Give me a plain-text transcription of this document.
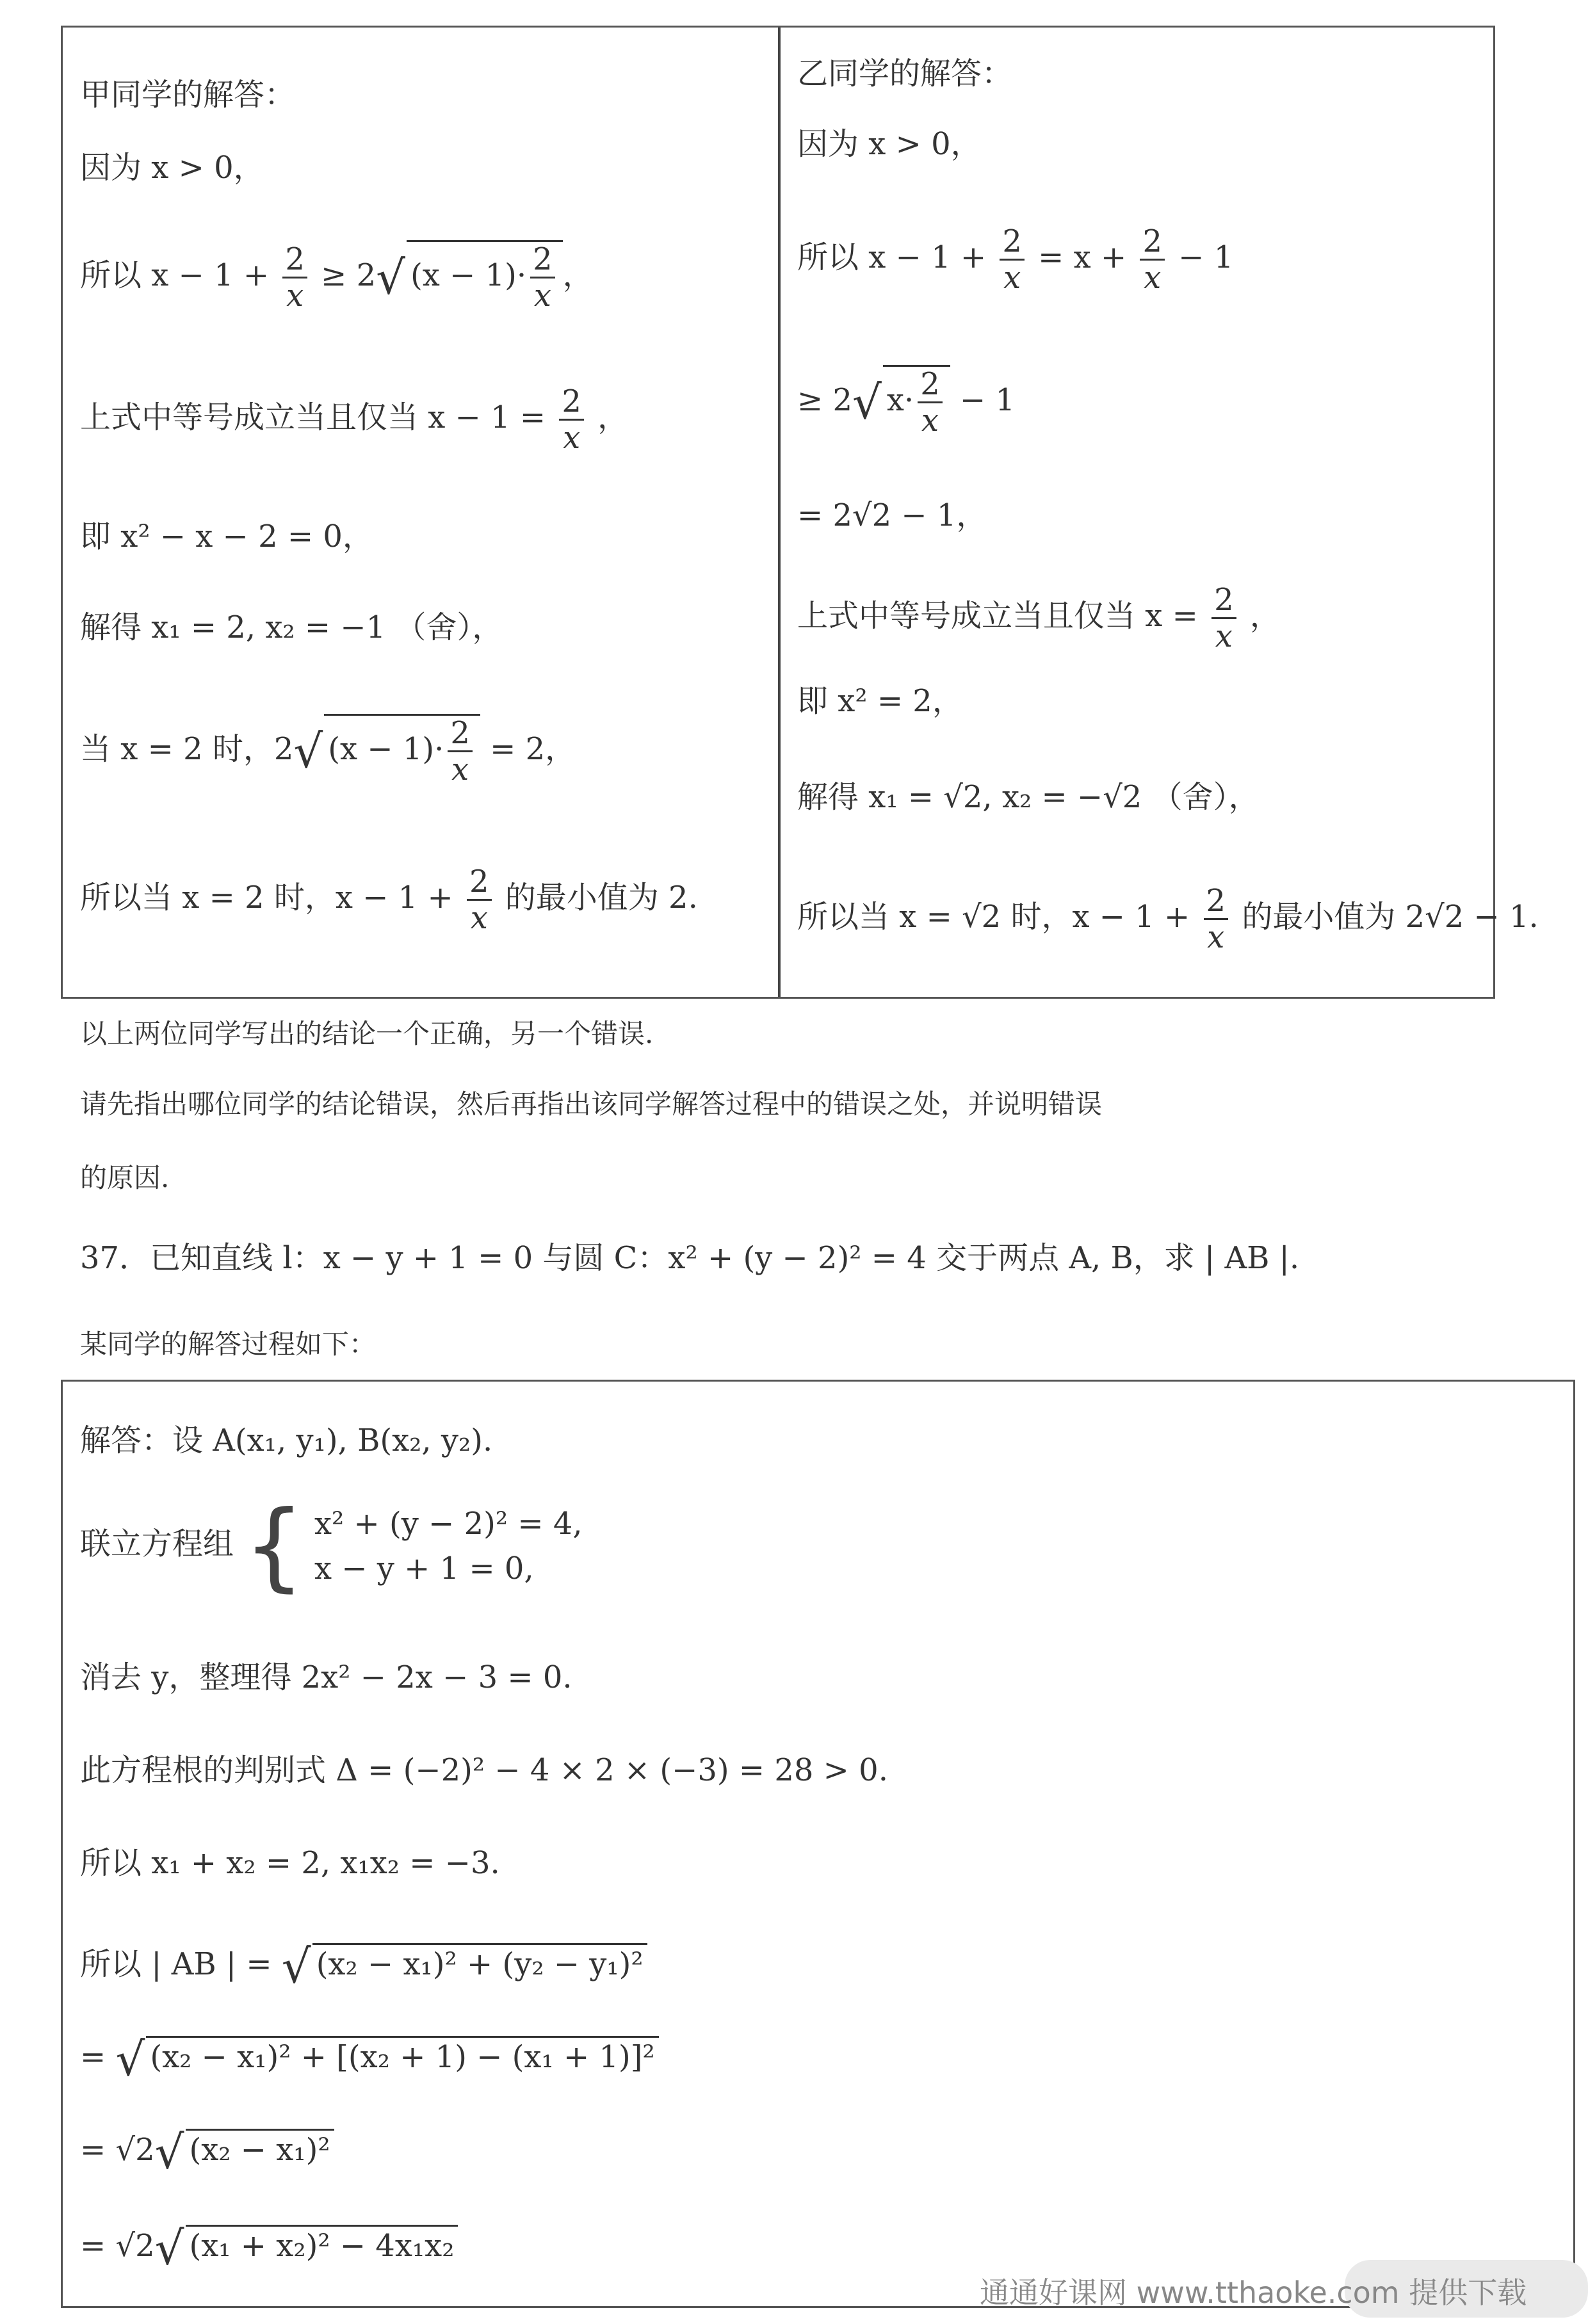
甲同学的解答：
因为 x > 0，
所以 $x - 1 + \frac{2}{x} \ge 2√$ $(x - 1)\cdot \frac{2}{x}$ ，
上式中等号成立当且仅当 $x - 1 = \frac{2}{x}$ ，
即 x² − x − 2 = 0，
解得 x₁ = 2, x₂ = −1 （舍），
当 x = 2 时，2√ $(x - 1)\cdot \frac{2}{x} = 2$，
所以当 x = 2 时，$x - 1 + \frac{2}{x}$ 的最小值为 2.
乙同学的解答：
因为 x > 0，
所以 $x - 1 + \frac{2}{x} = x + \frac{2}{x} - 1$
≥ 2√ $x\cdot \frac{2}{x} - 1$
= 2√2 − 1，
上式中等号成立当且仅当 $x = \frac{2}{x}$ ，
即 x² = 2，
解得 x₁ = √2, x₂ = −√2 （舍），
所以当 x = √2 时，$x - 1 + \frac{2}{x}$ 的最小值为 2√2 − 1.
以上两位同学写出的结论一个正确，另一个错误.
请先指出哪位同学的结论错误，然后再指出该同学解答过程中的错误之处，并说明错误
的原因.
37．已知直线 l：x − y + 1 = 0 与圆 C：x² + (y − 2)² = 4 交于两点 A, B，求 | AB |.
某同学的解答过程如下：
解答：设 A(x₁, y₁), B(x₂, y₂).
联立方程组 { x² + (y − 2)² = 4,
x − y + 1 = 0,
消去 y，整理得 2x² − 2x − 3 = 0.
此方程根的判别式 Δ = (−2)² − 4 × 2 × (−3) = 28 > 0.
所以 x₁ + x₂ = 2, x₁x₂ = −3.
所以 | AB | = √ (x₂ − x₁)² + (y₂ − y₁)²
= √ (x₂ − x₁)² + [(x₂ + 1) − (x₁ + 1)]²
= √2√ (x₂ − x₁)²
= √2√ (x₁ + x₂)² − 4x₁x₂
通通好课网 www.tthaoke.com 提供下载
